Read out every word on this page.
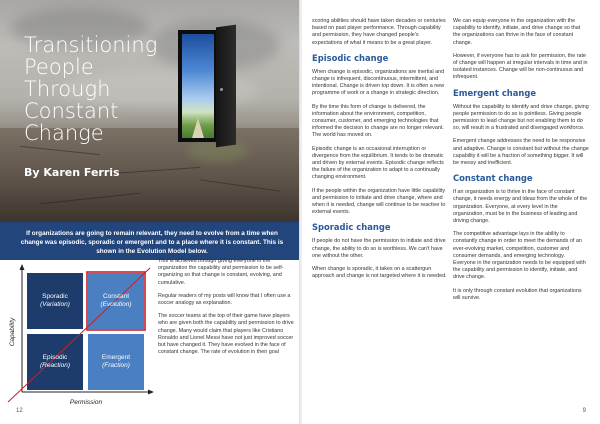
Transitioning
People
Through
Constant
Change

By Karen Ferris

If organizations are going to remain relevant, they need to evolve from a time when change was episodic, sporadic or emergent and to a place where it is constant. This is shown in the Evolution Model below.

Sporadic
(Variation)
Constant
(Evolution)
Episodic
(Reaction)
Emergent
(Fraction)
Permission
Capability

This is achieved through giving everyone in the organization the capability and permission to be self-organizing so that change is constant, evolving, and cumulative.

Regular readers of my posts will know that I often use a soccer analogy as explanation.

The soccer teams at the top of their game have players who are given both the capability and permission to drive change. Many would claim that players like Cristiano Ronaldo and Lionel Messi have not just improved soccer but have changed it. They have evolved in the face of constant change. The rate of evolution in their goal

12

scoring abilities should have taken decades or centuries based on past player performance. Through capability and permission, they have changed people's expectations of what it means to be a great player.

Episodic change

When change is episodic, organizations are inertial and change is infrequent, discontinuous, intermittent, and intentional. Change is driven top down. It is often a new programme of work or a change in strategic direction.

By the time this form of change is delivered, the information about the environment, competition, consumer, customer, and emerging technologies that informed the decision to change are no longer relevant. The world has moved on.

Episodic change is an occasional interruption or divergence from the equilibrium. It tends to be dramatic and driven by external events. Episodic change reflects the failure of the organization to adapt to a continually changing environment.

If the people within the organization have little capability and permission to initiate and drive change, where and when it is needed, change will continue to be reactive to external events.

Sporadic change

If people do not have the permission to initiate and drive change, the ability to do so is worthless. We can't have one without the other.

When change is sporadic, it takes on a scattergun approach and change is not targeted where it is needed.

We can equip everyone in the organization with the capability to identify, initiate, and drive change so that the organizations can thrive in the face of constant change.

However, if everyone has to ask for permission, the rate of change will happen at irregular intervals in time and in isolated instances. Change will be non-continuous and infrequent.

Emergent change

Without the capability to identify and drive change, giving people permission to do so is pointless. Giving people permission to lead change but not enabling them to do so, will result in a frustrated and disengaged workforce.

Emergent change addresses the need to be responsive and adaptive. Change is constant but without the change capability it will be a fraction of something bigger. It will be messy and inefficient.

Constant change

If an organization is to thrive in the face of constant change, it needs energy and ideas from the whole of the organization. Everyone, at every level in the organization, must be in the business of leading and driving change.

The competitive advantage lays in the ability to constantly change in order to meet the demands of an ever-evolving market, competition, customer and consumer demands, and emerging technology. Everyone in the organization needs to be equipped with the capability and permission to identify, initiate, and drive change.

It is only through constant evolution that organizations will survive.

9
